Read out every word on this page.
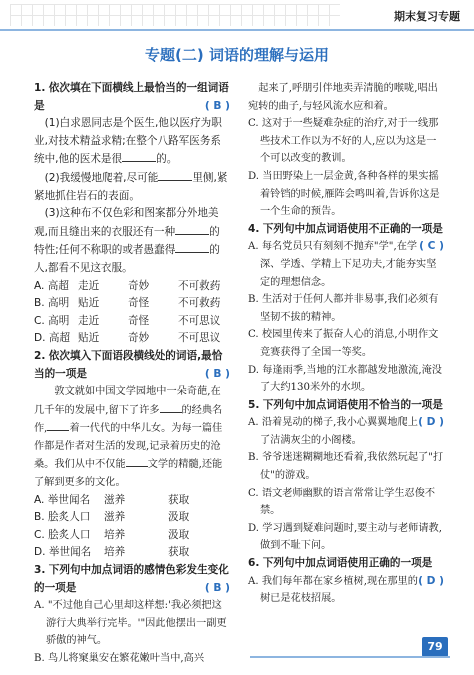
期末复习专题
专题(二) 词语的理解与运用

1. 依次填在下面横线上最恰当的一组词语是	( B )

(1)白求恩同志是个医生,他以医疗为职业,对技术精益求精;在整个八路军医务系统中,他的医术是很	的。

(2)我缓慢地爬着,尽可能	里侧,紧紧地抓住岩石的表面。

(3)这种布不仅色彩和图案都分外地美观,而且缝出来的衣服还有一种	的特性;任何不称职的或者愚蠢得	的人,都看不见这衣服。

A. 高超 走近	奇妙	不可救药
B. 高明 贴近	奇怪	不可救药
C. 高明 走近	奇怪	不可思议
D. 高超 贴近	奇妙	不可思议

2. 依次填入下面语段横线处的词语,最恰当的一项是	( B )

敦文就如中国文学园地中一朵奇葩,在几千年的发展中,留下了许多 的经典名作, 着一代代的中华儿女。为每一篇佳作都是作者对生活的发现,记录着历史的沧桑。我们从中不仅能 文学的精髓,还能了解到更多的文化。

A. 举世闻名	滋养	获取
B. 脍炙人口	滋养	汲取
C. 脍炙人口	培养	汲取
D. 举世闻名	培养	获取

3. 下列句中加点词语的感情色彩发生变化的一项是	( B )

A. "不过他自己心里却这样想:'我必须把这游行大典举行完毕。'"因此他摆出一副更骄傲的神气。

B. 鸟儿将窠巢安在繁花嫩叶当中,高兴

起来了,呼朋引伴地卖弄清脆的喉咙,唱出宛转的曲子,与轻风流水应和着。

C. 这对于一些疑难杂症的治疗,对于一线那些技术工作以为不好的人,应以为这是一个可以改变的教训。

D. 当田野染上一层金黄,各种各样的果实摇着铃铛的时候,雁阵会鸣叫着,告诉你这是一个生命的预告。

4. 下列句中加点词语使用不正确的一项是
( C )

A. 每名党员只有刻刻不抛弃"学",在学深、学透、学精上下足功夫,才能夯实坚定的理想信念。

B. 生活对于任何人都并非易事,我们必须有坚韧不拔的精神。

C. 校园里传来了振奋人心的消息,小明作文竞赛获得了全国一等奖。

D. 每逢雨季,当地的江水都越发地激流,淹没了大约130米外的水坝。

5. 下列句中加点词语使用不恰当的一项是
( D )

A. 沿着晃动的梯子,我小心翼翼地爬上了洁满灰尘的小阁楼。

B. 爷爷迷迷糊糊地还看着,我依然玩起了"打仗"的游戏。

C. 语文老师幽默的语言常常让学生忍俊不禁。

D. 学习遇到疑难问题时,要主动与老师请教,做到不耻下问。

6. 下列句中加点词语使用正确的一项是
( D )

A. 我们每年都在家乡植树,现在那里的树已是花枝招展。

79
